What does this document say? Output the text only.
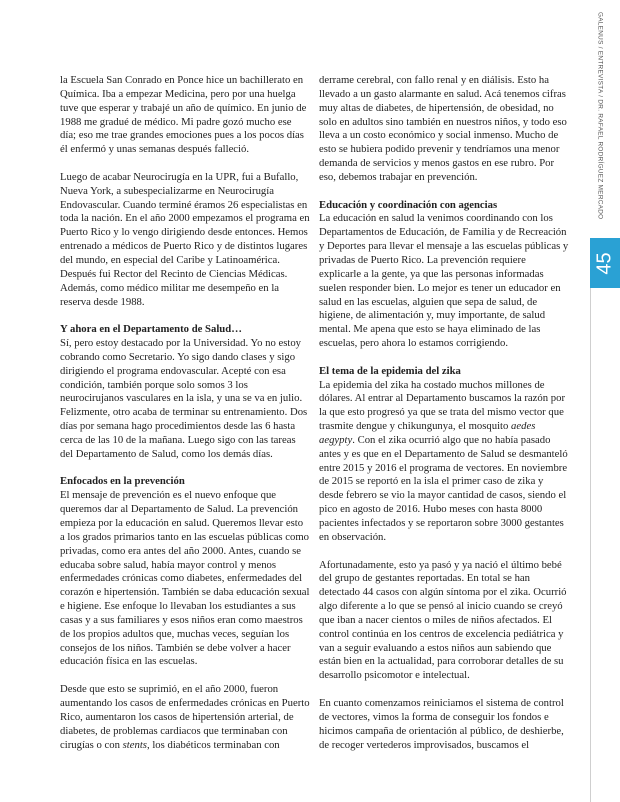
la Escuela San Conrado en Ponce hice un bachillerato en Química. Iba a empezar Medicina, pero por una huelga tuve que esperar y trabajé un año de químico. En junio de 1988 me gradué de médico. Mi padre gozó mucho ese día; eso me trae grandes emociones pues a los pocos días él enfermó y unas semanas después falleció.

Luego de acabar Neurocirugía en la UPR, fui a Bufallo, Nueva York, a subespecializarme en Neurocirugía Endovascular. Cuando terminé éramos 26 especialistas en toda la nación. En el año 2000 empezamos el programa en Puerto Rico y lo vengo dirigiendo desde entonces. Hemos entrenado a médicos de Puerto Rico y de distintos lugares del mundo, en especial del Caribe y Latinoamérica. Después fui Rector del Recinto de Ciencias Médicas. Además, como médico militar me desempeño en la reserva desde 1988.

Y ahora en el Departamento de Salud…

Sí, pero estoy destacado por la Universidad. Yo no estoy cobrando como Secretario. Yo sigo dando clases y sigo dirigiendo el programa endovascular. Acepté con esa condición, también porque solo somos 3 los neurocirujanos vasculares en la isla, y una se va en julio. Felizmente, otro acaba de terminar su entrenamiento. Dos días por semana hago procedimientos desde las 6 hasta cerca de las 10 de la mañana. Luego sigo con las tareas del Departamento de Salud, como los demás días.

Enfocados en la prevención

El mensaje de prevención es el nuevo enfoque que queremos dar al Departamento de Salud. La prevención empieza por la educación en salud. Queremos llevar esto a los grados primarios tanto en las escuelas públicas como privadas, como era antes del año 2000. Antes, cuando se educaba sobre salud, había mayor control y menos enfermedades crónicas como diabetes, enfermedades del corazón e hipertensión. También se daba educación sexual e higiene. Ese enfoque lo llevaban los estudiantes a sus casas y a sus familiares y esos niños eran como maestros de los propios adultos que, muchas veces, seguían los consejos de los niños. También se debe volver a hacer educación física en las escuelas.

Desde que esto se suprimió, en el año 2000, fueron aumentando los casos de enfermedades crónicas en Puerto Rico, aumentaron los casos de hipertensión arterial, de diabetes, de problemas cardiacos que terminaban con cirugías o con stents, los diabéticos terminaban con

derrame cerebral, con fallo renal y en diálisis. Esto ha llevado a un gasto alarmante en salud. Acá tenemos cifras muy altas de diabetes, de hipertensión, de obesidad, no solo en adultos sino también en nuestros niños, y todo eso lleva a un costo económico y social inmenso. Mucho de esto se hubiera podido prevenir y tendríamos una menor demanda de servicios y menos gastos en ese rubro. Por eso, debemos trabajar en prevención.

Educación y coordinación con agencias

La educación en salud la venimos coordinando con los Departamentos de Educación, de Familia y de Recreación y Deportes para llevar el mensaje a las escuelas públicas y privadas de Puerto Rico. La prevención requiere explicarle a la gente, ya que las personas informadas suelen responder bien. Lo mejor es tener un educador en salud en las escuelas, alguien que sepa de salud, de higiene, de alimentación y, muy importante, de salud mental. Me apena que esto se haya eliminado de las escuelas, pero ahora lo estamos corrigiendo.

El tema de la epidemia del zika

La epidemia del zika ha costado muchos millones de dólares. Al entrar al Departamento buscamos la razón por la que esto progresó ya que se trata del mismo vector que trasmite dengue y chikungunya, el mosquito aedes aegypty. Con el zika ocurrió algo que no había pasado antes y es que en el Departamento de Salud se desmanteló entre 2015 y 2016 el programa de vectores. En noviembre de 2015 se reportó en la isla el primer caso de zika y desde febrero se vio la mayor cantidad de casos, siendo el pico en agosto de 2016. Hubo meses con hasta 8000 pacientes infectados y se reportaron sobre 3000 gestantes en observación.

Afortunadamente, esto ya pasó y ya nació el último bebé del grupo de gestantes reportadas. En total se han detectado 44 casos con algún síntoma por el zika. Ocurrió algo diferente a lo que se pensó al inicio cuando se creyó que iban a nacer cientos o miles de niños afectados. El control continúa en los centros de excelencia pediátrica y van a seguir evaluando a estos niños aun sabiendo que están bien en la actualidad, para corroborar detalles de su desarrollo psicomotor e intelectual.

En cuanto comenzamos reiniciamos el sistema de control de vectores, vimos la forma de conseguir los fondos e hicimos campaña de orientación al público, de deshierbe, de recoger vertederos improvisados, buscamos el

GALENUS / ENTREVISTA / DR. RAFAEL RODRÍGUEZ MERCADO
45
